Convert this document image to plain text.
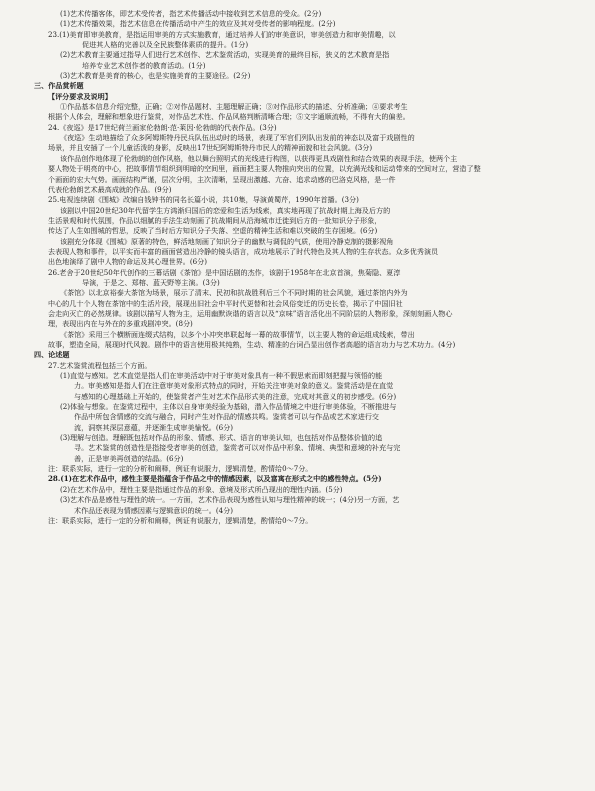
(1)艺术传播客体，即艺术受传者，指艺术传播活动中接收到艺术信息的受众。(2分)
(1)艺术传播效果，指艺术信息在传播活动中产生的效应及其对受传者的影响程度。(2分)
23.(1)美育即审美教育，是指运用审美的方式实施教育，通过培养人们的审美意识，审美创造力和审美情趣，以
促进其人格的完善以及全民族整体素质的提升。(1分)
(2)艺术教育主要通过指导人们进行艺术创作、艺术鉴赏活动，实现美育的最终目标，狭义的艺术教育是指
培养专业艺术创作者的教育活动。(1分)
(3)艺术教育是美育的核心，也是实施美育的主要途径。(2分)
三、作品赏析题
【评分要求及说明】
①作品基本信息介绍完整，正确；②对作品题材、主题理解正确；③对作品形式的描述、分析准确；④要求考生
根据个人体会，理解和想象进行鉴赏，对作品艺术性、作品风格判断清晰合理；⑤文字通顺流畅，不得有大的偏差。
24.《夜巡》是17世纪荷兰画家伦勃朗·范·莱因·伦勃朗的代表作品。(3分)
《夜巡》生动地描绘了众多阿姆斯特丹民兵队伍出动时的场景，表现了军官们列队出发前的神态以及富于戏剧性的
场景，并且安插了一个儿童活泼的身影，反映出17世纪阿姆斯特丹市民人的精神面貌和社会风貌。(3分)
该作品创作地体现了伦勃朗的创作风格，他以舞台照明式的光线进行构图，以获得更具戏剧性和结合效果的表现手法，使两个主
要人物处于明亮的中心，把故事情节组织到明暗的空间里，画面把主要人物推向突出的位置，以充满光线和运动带来的空间对立，营造了整
个画面的宏大气势。画面结构严谨，层次分明，主次清晰，呈现出激越、亢奋、追求动感的巴洛克风格，是一件
代表伦勃朗艺术最高成就的作品。(9分)
25.电视连续剧《围城》改编自钱钟书的同名长篇小说，共10集，导演黄蜀芹，1990年首播。(3分)
该剧以中国20世纪30年代留学生方鸿渐归国后的恋爱和生活为线索，真实地再现了抗战时期上海及后方的
生活景观和时代氛围，作品以细腻的手法生动刻画了抗战期间从沿海城市迁徙到后方的一批知识分子形象，
传达了人生如围城的哲思，反映了当时后方知识分子失落、空虚的精神生活和难以突破的生存困境。(6分)
该剧充分体现《围城》原著的特色，鲜活地刻画了知识分子的幽默与调侃的气质，使用冷静克制的摄影视角
去表现人物和事件，以平实而丰富的画面营造出冷静的镜头语言，成功地展示了时代特色及其人物的生存状态。众多优秀演员
出色地演绎了剧中人物的命运及其心理世界。(6分)
26.老舍于20世纪50年代创作的三幕话剧《茶馆》是中国话剧的杰作，该剧于1958年在北京首演，焦菊隐、夏淳
导演，于是之、郑榕、蓝天野等主演。(3分)
《茶馆》以北京裕泰大茶馆为场景，展示了清末、民初和抗战胜利后三个不同时期的社会风貌，通过茶馆内外为
中心的几十个人物在茶馆中的生活片段，展现出旧社会中平时代更替和社会风俗变迁的历史长卷，揭示了中国旧社
会走向灭亡的必然规律。该剧以描写人物为主，运用幽默诙谐的语言以及“京味”语言活化出不同阶层的人物形象，深刻刻画人物心
理，表现出内在与外在的多重戏剧冲突。(8分)
《茶馆》采用三个横断面连缀式结构，以多个小冲突串联起每一幕的故事情节，以主要人物的命运组成线索，带出
故事，塑造全局，展现时代风貌。剧作中的语言使用极其纯熟，生动、精准的台词凸显出创作者高超的语言功力与艺术功力。(4分)
四、论述题
27.艺术鉴赏流程包括三个方面。
(1)直觉与感知。艺术直觉是指人们在审美活动中对于审美对象具有一种不假思索而即刻把握与领悟的能
力。审美感知是指人们在注意审美对象形式特点的同时，开始关注审美对象的意义。鉴赏活动是在直觉
与感知的心理基础上开始的，使鉴赏者产生对艺术作品形式美的注意，完成对其意义的初步感受。(6分)
(2)体验与想象。在鉴赏过程中，主体以自身审美经验为基础，潜入作品情境之中进行审美体验，不断推进与
作品中所包含情感的交流与融合，同时产生对作品的情感共鸣。鉴赏者可以与作品或艺术家进行交
流，洞察其深层意蕴，并逐渐生成审美愉悦。(6分)
(3)理解与创造。理解既包括对作品的形象、情感、形式、语言的审美认知，也包括对作品整体价值的追
寻。艺术鉴赏的创造性是指接受者审美的创造，鉴赏者可以对作品中形象、情境、典型和意境的补充与完
善，正是审美再创造的结晶。(6分)
注：联系实际，进行一定的分析和阐释，例证有说服力，逻辑清楚，酌情给0～7分。
28.(1)在艺术作品中，感性主要是指蕴含于作品之中的情感因素，以及富寓在形式之中的感性特点。(5分)
(2)在艺术作品中，理性主要是指通过作品的形象、意境及形式所凸现出的理性内涵。(5分)
(3)艺术作品是感性与理性的统一。一方面，艺术作品表现为感性认知与理性精神的统一；(4分)另一方面，艺
术作品还表现为情感因素与逻辑意识的统一。(4分)
注：联系实际，进行一定的分析和阐释，例证有说服力，逻辑清楚，酌情给0～7分。
